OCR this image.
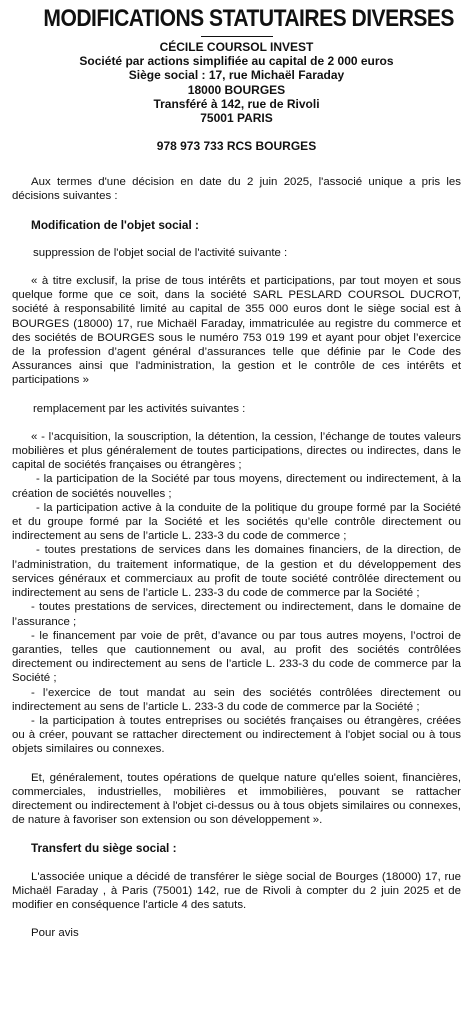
MODIFICATIONS STATUTAIRES DIVERSES
CÉCILE COURSOL INVEST
Société par actions simplifiée au capital de 2 000 euros
Siège social : 17, rue Michaël Faraday
18000 BOURGES
Transféré à 142, rue de Rivoli
75001 PARIS
978 973 733 RCS BOURGES

Aux termes d'une décision en date du 2 juin 2025, l'associé unique a pris les décisions suivantes :

Modification de l'objet social :

suppression de l'objet social de l'activité suivante :

« à titre exclusif, la prise de tous intérêts et participations, par tout moyen et sous quelque forme que ce soit, dans la société SARL PESLARD COURSOL DUCROT, société à responsabilité limité au capital de 355 000 euros dont le siège social est à BOURGES (18000) 17, rue Michaël Faraday, immatriculée au registre du commerce et des sociétés de BOURGES sous le numéro 753 019 199 et ayant pour objet l’exercice de la profession d’agent général d’assurances telle que définie par le Code des Assurances ainsi que l'administration, la gestion et le contrôle de ces intérêts et participations »

remplacement par les activités suivantes :

« - l’acquisition, la souscription, la détention, la cession, l’échange de toutes valeurs mobilières et plus généralement de toutes participations, directes ou indirectes, dans le capital de sociétés françaises ou étrangères ;

- la participation de la Société par tous moyens, directement ou indirectement, à la création de sociétés nouvelles ;

- la participation active à la conduite de la politique du groupe formé par la Société et du groupe formé par la Société et les sociétés qu’elle contrôle directement ou indirectement au sens de l’article L. 233-3 du code de commerce ;

- toutes prestations de services dans les domaines financiers, de la direction, de l’administration, du traitement informatique, de la gestion et du développement des services généraux et commerciaux au profit de toute société contrôlée directement ou indirectement au sens de l’article L. 233-3 du code de commerce par la Société ;

- toutes prestations de services, directement ou indirectement, dans le domaine de l’assurance ;

- le financement par voie de prêt, d’avance ou par tous autres moyens, l’octroi de garanties, telles que cautionnement ou aval, au profit des sociétés contrôlées directement ou indirectement au sens de l’article L. 233-3 du code de commerce par la Société ;

- l’exercice de tout mandat au sein des sociétés contrôlées directement ou indirectement au sens de l’article L. 233-3 du code de commerce par la Société ;

- la participation à toutes entreprises ou sociétés françaises ou étrangères, créées ou à créer, pouvant se rattacher directement ou indirectement à l'objet social ou à tous objets similaires ou connexes.

Et, généralement, toutes opérations de quelque nature qu'elles soient, financières, commerciales, industrielles, mobilières et immobilières, pouvant se rattacher directement ou indirectement à l'objet ci-dessus ou à tous objets similaires ou connexes, de nature à favoriser son extension ou son développement ».

Transfert du siège social :

L'associée unique a décidé de transférer le siège social de Bourges (18000) 17, rue Michaël Faraday , à Paris (75001) 142, rue de Rivoli à compter du 2 juin 2025 et de modifier en conséquence l'article 4 des satuts.

Pour avis
